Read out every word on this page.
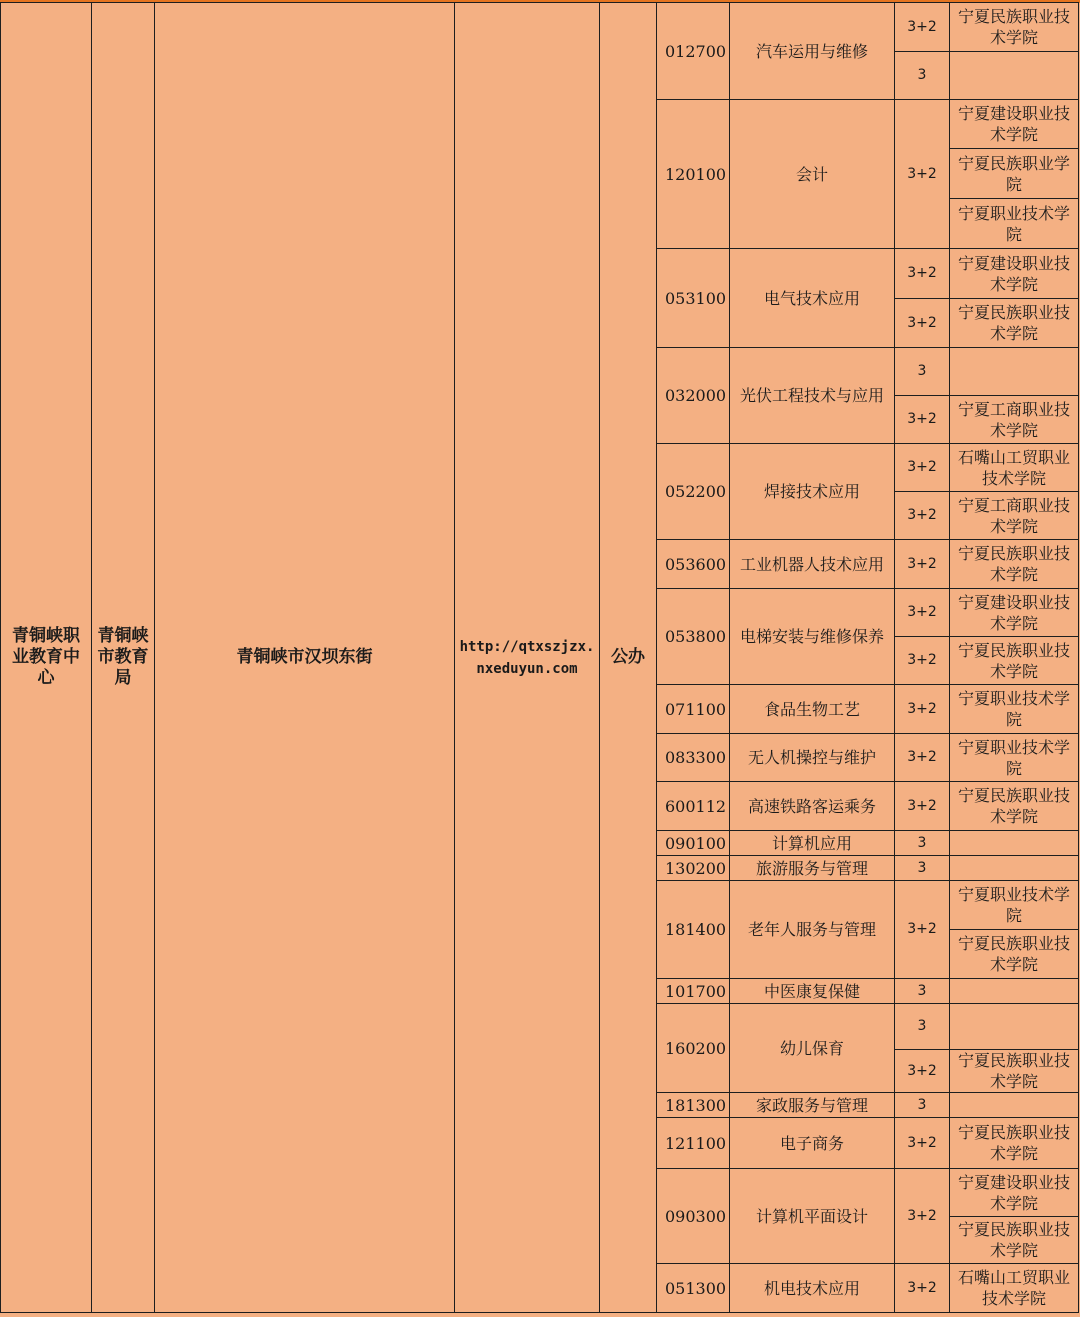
青铜峡职业教育中心	青铜峡市教育局	青铜峡市汉坝东街	http://qtxszjzx.nxeduyun.com	公办	012700	汽车运用与维修	3+2	宁夏民族职业技术学院
							3	
					120100	会计	3+2	宁夏建设职业技术学院
								宁夏民族职业学院
								宁夏职业技术学院
					053100	电气技术应用	3+2	宁夏建设职业技术学院
							3+2	宁夏民族职业技术学院
					032000	光伏工程技术与应用	3	
							3+2	宁夏工商职业技术学院
					052200	焊接技术应用	3+2	石嘴山工贸职业技术学院
							3+2	宁夏工商职业技术学院
					053600	工业机器人技术应用	3+2	宁夏民族职业技术学院
					053800	电梯安装与维修保养	3+2	宁夏建设职业技术学院
							3+2	宁夏民族职业技术学院
					071100	食品生物工艺	3+2	宁夏职业技术学院
					083300	无人机操控与维护	3+2	宁夏职业技术学院
					600112	高速铁路客运乘务	3+2	宁夏民族职业技术学院
					090100	计算机应用	3	
					130200	旅游服务与管理	3	
					181400	老年人服务与管理	3+2	宁夏职业技术学院
								宁夏民族职业技术学院
					101700	中医康复保健	3	
					160200	幼儿保育	3	
							3+2	宁夏民族职业技术学院
					181300	家政服务与管理	3	
					121100	电子商务	3+2	宁夏民族职业技术学院
					090300	计算机平面设计	3+2	宁夏建设职业技术学院
								宁夏民族职业技术学院
					051300	机电技术应用	3+2	石嘴山工贸职业技术学院
